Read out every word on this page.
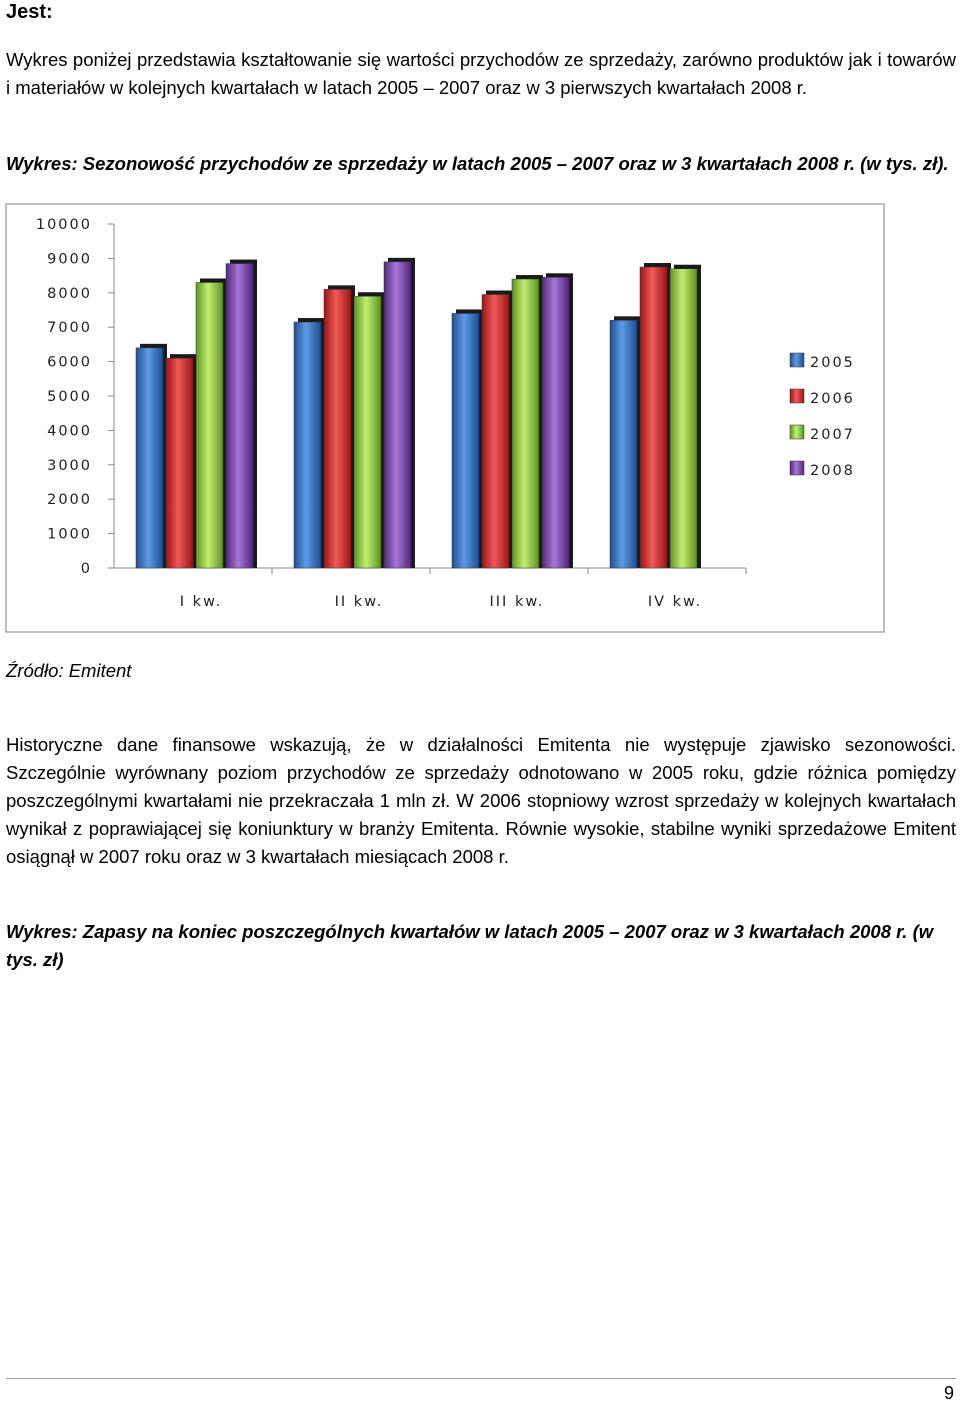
Jest:

Wykres poniżej przedstawia kształtowanie się wartości przychodów ze sprzedaży, zarówno produktów jak i towarów i materiałów w kolejnych kwartałach w latach 2005 – 2007 oraz w 3 pierwszych kwartałach 2008 r.

Wykres: Sezonowość przychodów ze sprzedaży w latach 2005 – 2007 oraz w 3 kwartałach 2008 r. (w tys. zł).

0
1000
2000
3000
4000
5000
6000
7000
8000
9000
10000
I kw.	II kw.	III kw.	IV kw.
2005
2006
2007
2008

Źródło: Emitent

Historyczne dane finansowe wskazują, że w działalności Emitenta nie występuje zjawisko sezonowości. Szczególnie wyrównany poziom przychodów ze sprzedaży odnotowano w 2005 roku, gdzie różnica pomiędzy poszczególnymi kwartałami nie przekraczała 1 mln zł. W 2006 stopniowy wzrost sprzedaży w kolejnych kwartałach wynikał z poprawiającej się koniunktury w branży Emitenta. Równie wysokie, stabilne wyniki sprzedażowe Emitent osiągnął w 2007 roku oraz w 3 kwartałach miesiącach 2008 r.

Wykres: Zapasy na koniec poszczególnych kwartałów w latach 2005 – 2007 oraz w 3 kwartałach 2008 r. (w tys. zł)

9
